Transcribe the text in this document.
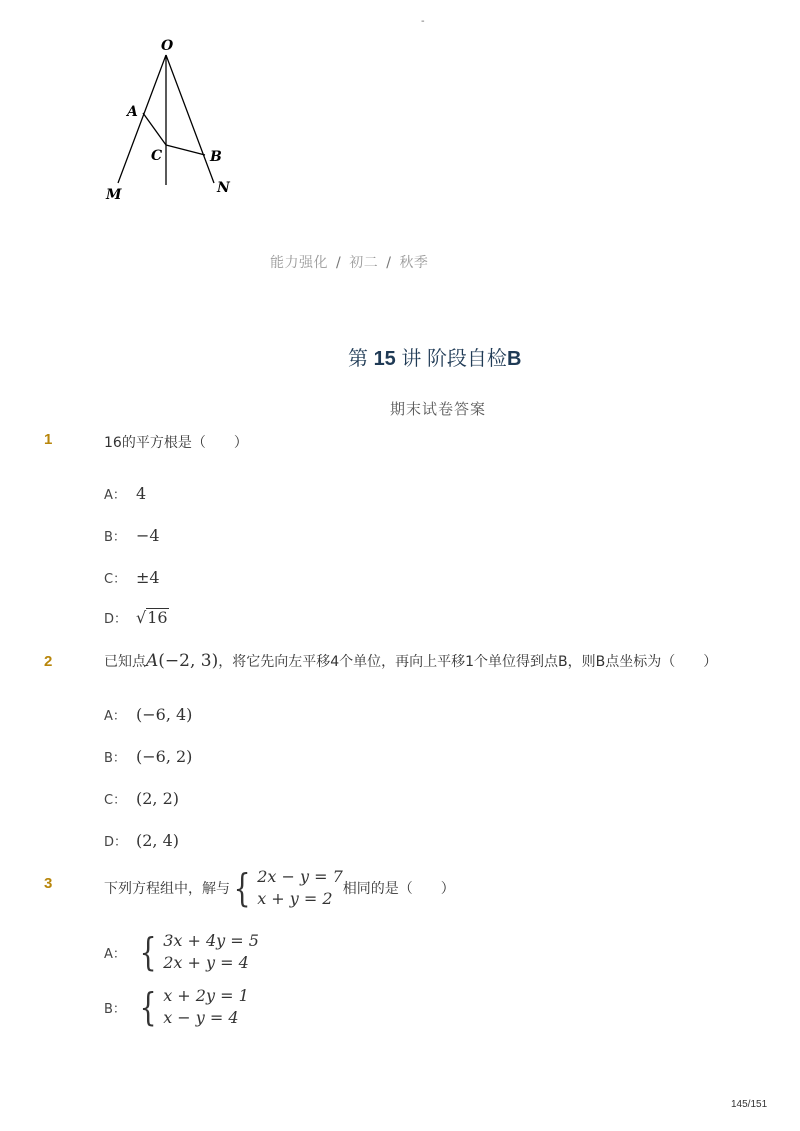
-
O
A
C	B
M	N
能力强化 / 初二 / 秋季
第 15 讲 阶段自检B
期末试卷答案
1	16的平方根是（　　）
A： 4
B： −4
C： ±4
D： √ 16
2	已知点A(−2, 3)，将它先向左平移4个单位，再向上平移1个单位得到点B，则B点坐标为（　　）
A： (−6, 4)
B： (−6, 2)
C： (2, 2)
D： (2, 4)
3	下列方程组中，解与 { 2x − y = 7
x + y = 2 相同的是（　　）
A： { 3x + 4y = 5
2x + y = 4
B： { x + 2y = 1
x − y = 4
145/151
